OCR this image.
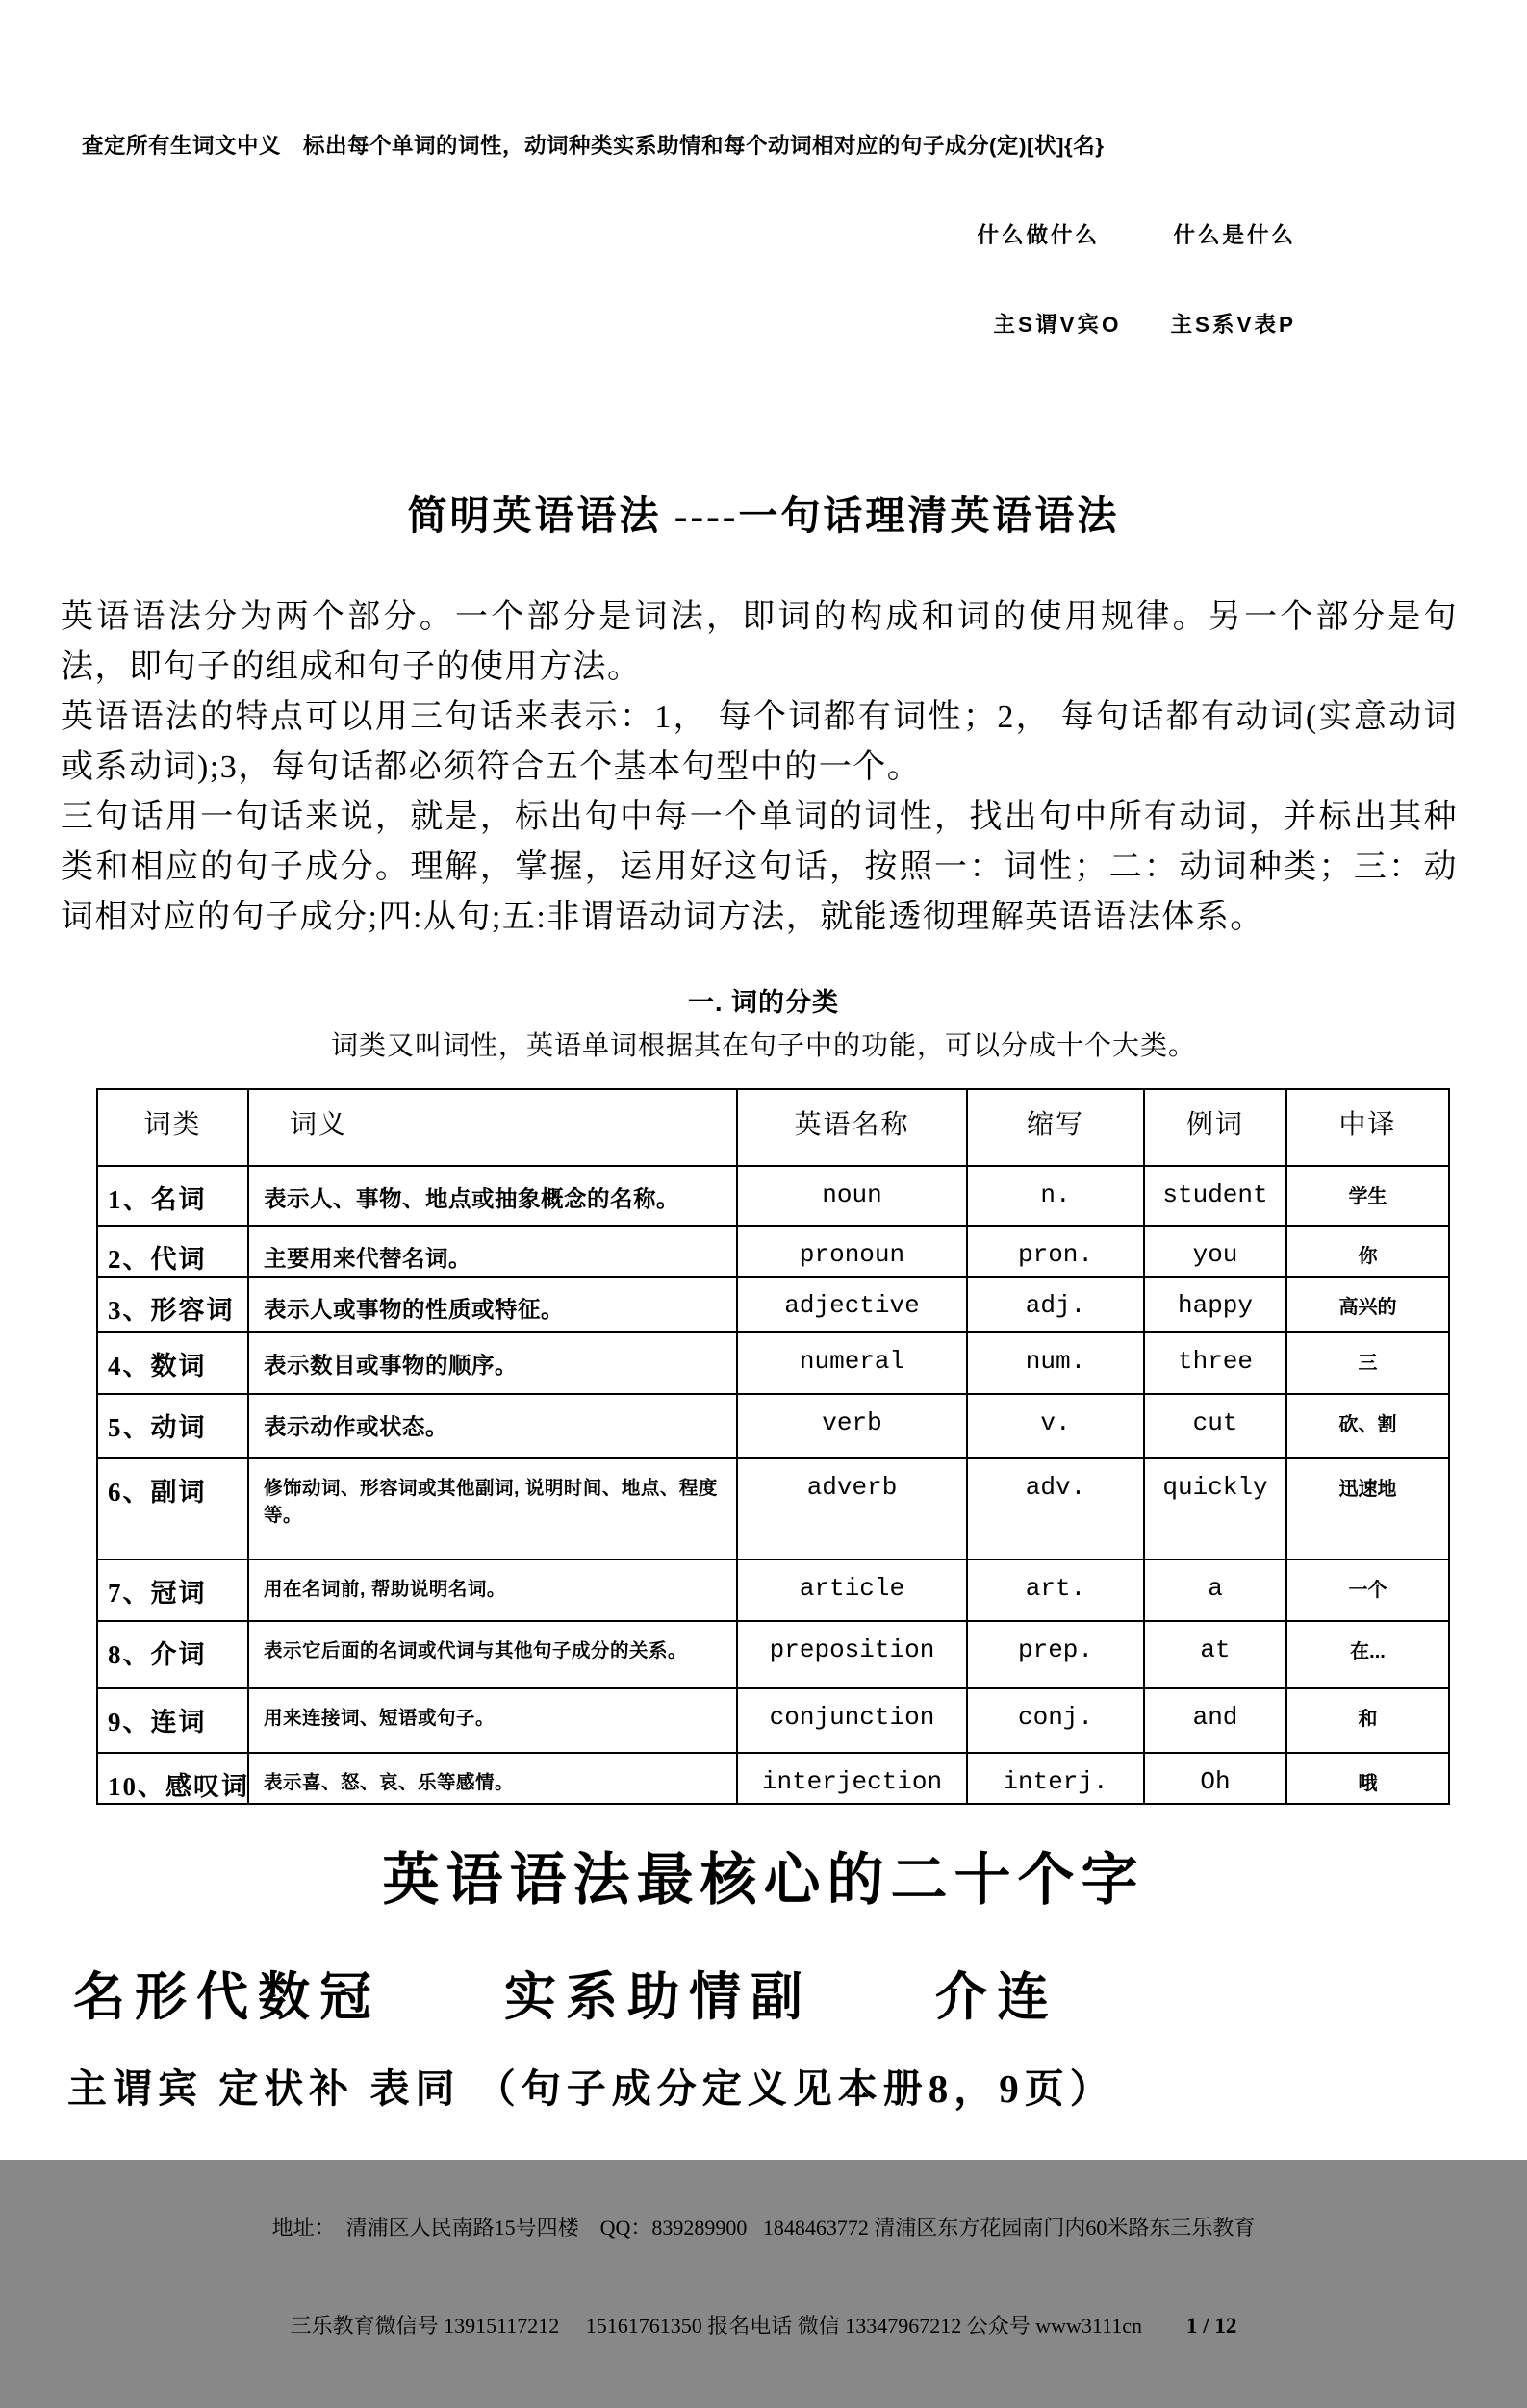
查定所有生词文中义　标出每个单词的词性，动词种类实系助情和每个动词相对应的句子成分(定)[状]{名}

什么做什么　　　什么是什么

主S谓V宾O　　主S系V表P

简明英语语法 ----一句话理清英语语法
英语语法分为两个部分。一个部分是词法，即词的构成和词的使用规律。另一个部分是句法，即句子的组成和句子的使用方法。
英语语法的特点可以用三句话来表示：1， 每个词都有词性；2， 每句话都有动词(实意动词或系动词);3，每句话都必须符合五个基本句型中的一个。
三句话用一句话来说，就是，标出句中每一个单词的词性，找出句中所有动词，并标出其种类和相应的句子成分。理解，掌握，运用好这句话，按照一：词性；二：动词种类；三：动词相对应的句子成分;四:从句;五:非谓语动词方法，就能透彻理解英语语法体系。
一. 词的分类
词类又叫词性，英语单词根据其在句子中的功能，可以分成十个大类。
词类	词义	英语名称	缩写	例词	中译
1、名词	表示人、事物、地点或抽象概念的名称。	noun	n.	student	学生
2、代词	主要用来代替名词。	pronoun	pron.	you	你
3、形容词	表示人或事物的性质或特征。	adjective	adj.	happy	高兴的
4、数词	表示数目或事物的顺序。	numeral	num.	three	三
5、动词	表示动作或状态。	verb	v.	cut	砍、割
6、副词	修饰动词、形容词或其他副词, 说明时间、地点、程度等。	adverb	adv.	quickly	迅速地
7、冠词	用在名词前, 帮助说明名词。	article	art.	a	一个
8、介词	表示它后面的名词或代词与其他句子成分的关系。	preposition	prep.	at	在...
9、连词	用来连接词、短语或句子。	conjunction	conj.	and	和
10、感叹词	表示喜、怒、哀、乐等感情。	interjection	interj.	Oh	哦
英语语法最核心的二十个字
名形代数冠　　实系助情副　　介连
主谓宾 定状补 表同 （句子成分定义见本册8，9页）

地址：  清浦区人民南路15号四楼    QQ：839289900   1848463772 清浦区东方花园南门内60米路东三乐教育

三乐教育微信号 13915117212     15161761350 报名电话 微信 13347967212 公众号 www3111cn 1 / 12
